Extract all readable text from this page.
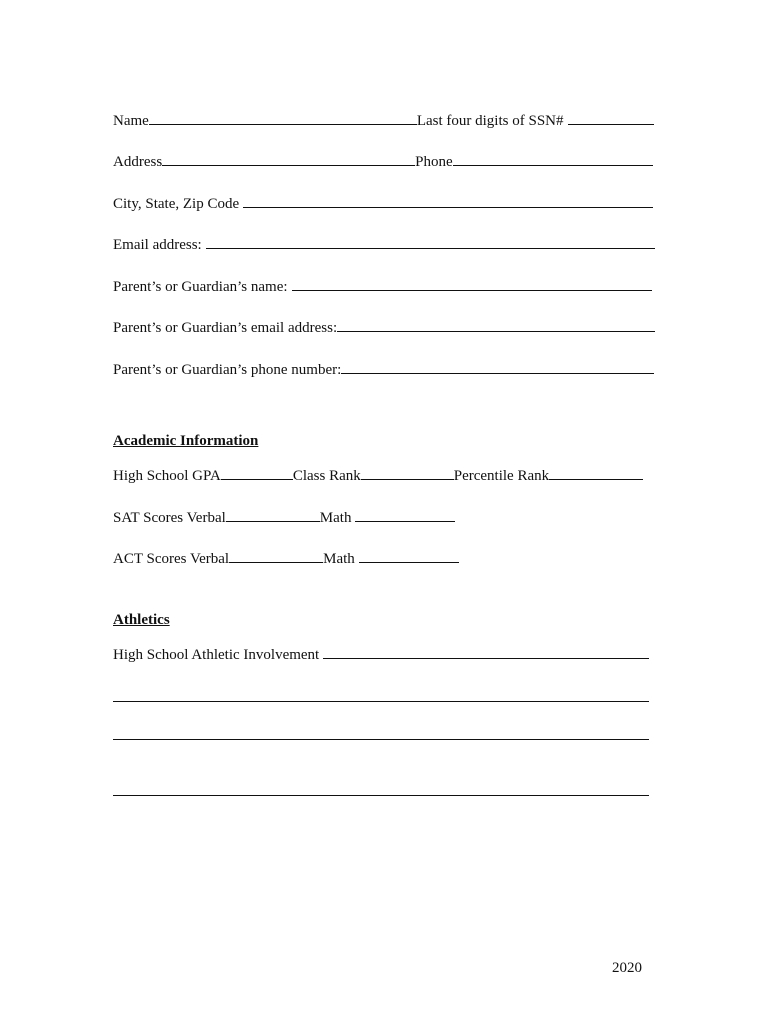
Name	Last four digits of SSN#
Address	Phone
City, State, Zip Code
Email address:
Parent’s or Guardian’s name:
Parent’s or Guardian’s email address:
Parent’s or Guardian’s phone number:
Academic Information
High School GPA	Class Rank	Percentile Rank
SAT Scores Verbal	Math
ACT Scores Verbal	Math
Athletics
High School Athletic Involvement
2020
